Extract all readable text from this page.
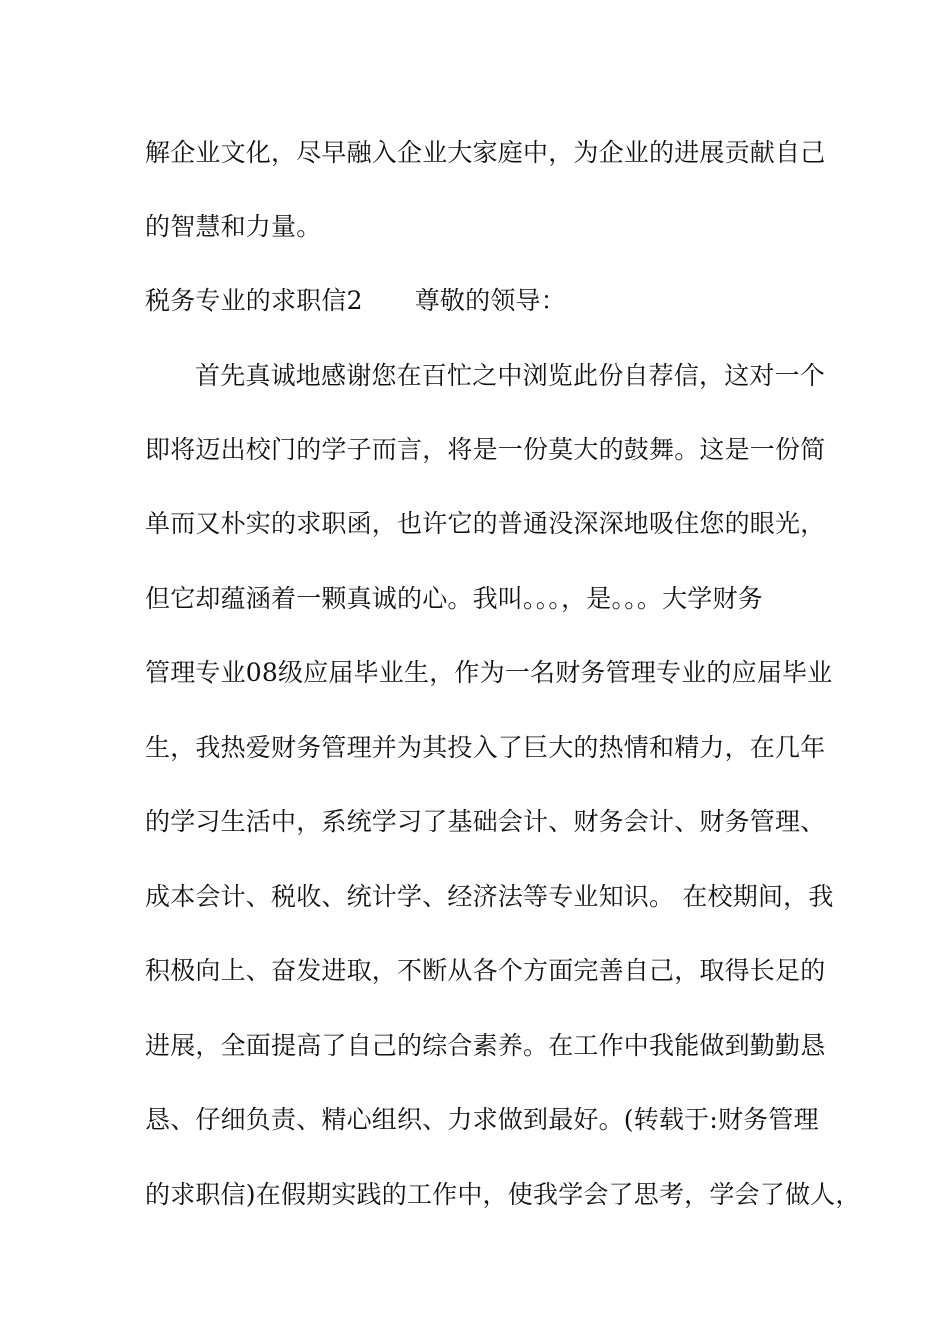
解企业文化，尽早融入企业大家庭中，为企业的进展贡献自己
的智慧和力量。
税务专业的求职信2 尊敬的领导：
首先真诚地感谢您在百忙之中浏览此份自荐信，这对一个
即将迈出校门的学子而言，将是一份莫大的鼓舞。这是一份简
单而又朴实的求职函，也许它的普通没深深地吸住您的眼光，
但它却蕴涵着一颗真诚的心。我叫。。。，是。。。大学财务
管理专业08级应届毕业生，作为一名财务管理专业的应届毕业
生，我热爱财务管理并为其投入了巨大的热情和精力，在几年
的学习生活中，系统学习了基础会计、财务会计、财务管理、
成本会计、税收、统计学、经济法等专业知识。 在校期间，我
积极向上、奋发进取，不断从各个方面完善自己，取得长足的
进展，全面提高了自己的综合素养。在工作中我能做到勤勤恳
恳、仔细负责、精心组织、力求做到最好。(转载于:财务管理
的求职信)在假期实践的工作中，使我学会了思考，学会了做人，
